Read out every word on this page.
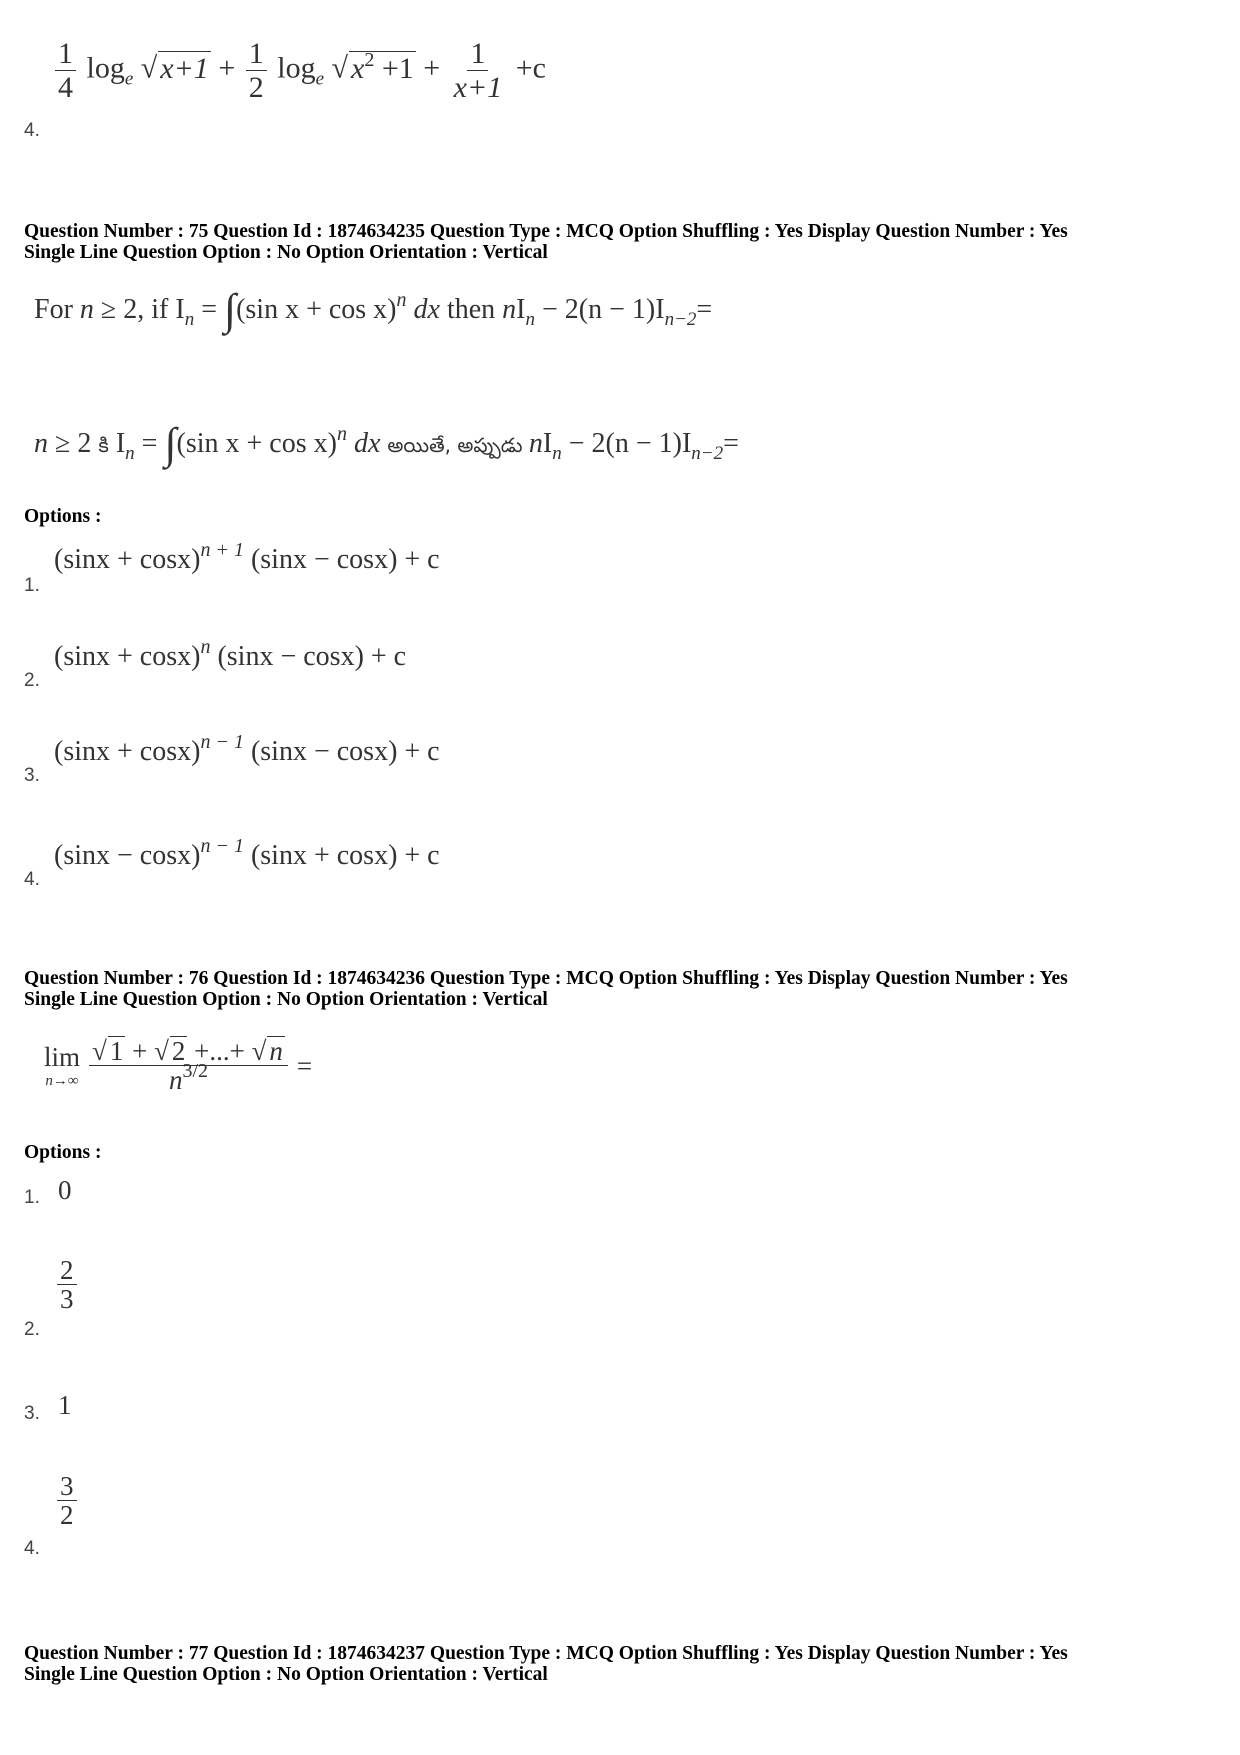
$\frac{1}{4} \log_e$ √ $x+1 + \frac{1}{2} \log_e$ √ $x^2 +1 + \frac{1}{x+1} +c$
4.
Question Number : 75 Question Id : 1874634235 Question Type : MCQ Option Shuffling : Yes Display Question Number : Yes
Single Line Question Option : No Option Orientation : Vertical
For n ≥ 2, if $I_n = \int(\sin$ x + cos x)$^n$ dx then $nI_n - 2(n - 1)I_{n-2}=$
n ≥ 2 కి $I_n = \int(\sin$ x + cos x)$^n$ dx అయితే, అప్పుడు $nI_n - 2(n - 1)I_{n-2}=$
Options :
$(\sin x + \cos x)^{n + 1}$ (sinx − cosx) + c
1.
$(\sin x + \cos x)^n$ (sinx − cosx) + c
2.
$(\sin x + \cos x)^{n - 1}$ (sinx − cosx) + c
3.
$(\sin x - \cos x)^{n - 1}$ (sinx + cosx) + c
4.
Question Number : 76 Question Id : 1874634236 Question Type : MCQ Option Shuffling : Yes Display Question Number : Yes
Single Line Question Option : No Option Orientation : Vertical
lim
$n\to\infty \frac{√ 1 + √ 2 +...+ √ n}{n^{3/2}}$ =
Options :
0
1.
$\frac{2}{3}$
2.
1
3.
$\frac{3}{2}$
4.
Question Number : 77 Question Id : 1874634237 Question Type : MCQ Option Shuffling : Yes Display Question Number : Yes
Single Line Question Option : No Option Orientation : Vertical
